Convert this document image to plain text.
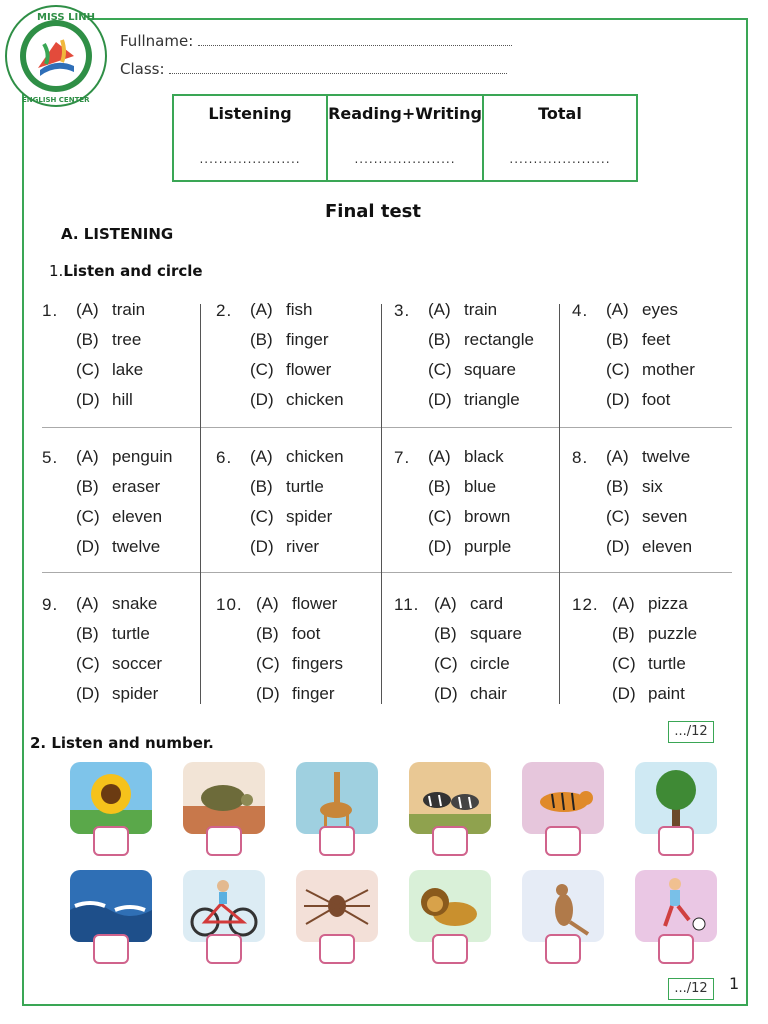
MISS LINH
ENGLISH CENTER
Fullname:
Class:
Listening
.....................
Reading+Writing
.....................
Total
.....................
Final test
A. LISTENING
1.Listen and circle
1. (A) train
(B) tree
(C) lake
(D) hill
2. (A) fish
(B) finger
(C) flower
(D) chicken
3. (A) train
(B) rectangle
(C) square
(D) triangle
4. (A) eyes
(B) feet
(C) mother
(D) foot
5. (A) penguin
(B) eraser
(C) eleven
(D) twelve
6. (A) chicken
(B) turtle
(C) spider
(D) river
7. (A) black
(B) blue
(C) brown
(D) purple
8. (A) twelve
(B) six
(C) seven
(D) eleven
9. (A) snake
(B) turtle
(C) soccer
(D) spider
10. (A) flower
(B) foot
(C) fingers
(D) finger
11. (A) card
(B) square
(C) circle
(D) chair
12. (A) pizza
(B) puzzle
(C) turtle
(D) paint
.../12
2. Listen and number.
.../12	1
